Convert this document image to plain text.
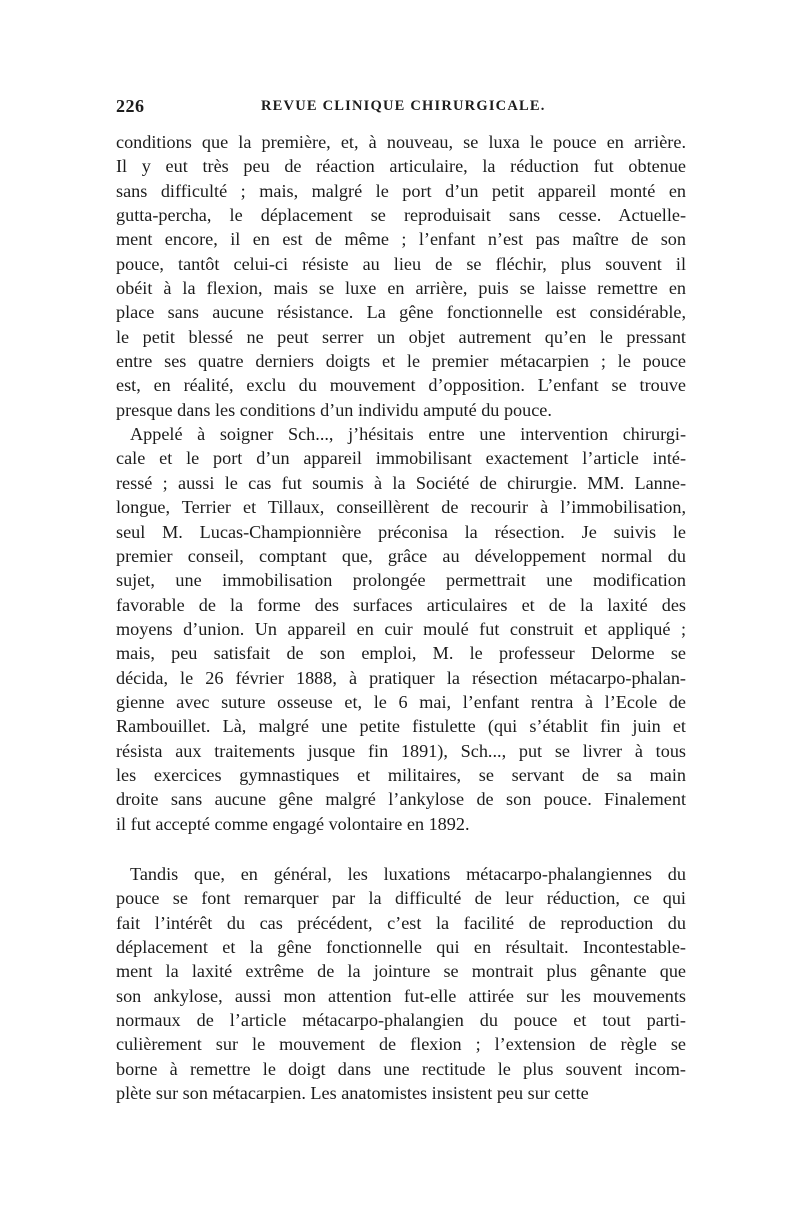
226	REVUE CLINIQUE CHIRURGICALE.
conditions que la première, et, à nouveau, se luxa le pouce en arrière.
Il y eut très peu de réaction articulaire, la réduction fut obtenue
sans difficulté ; mais, malgré le port d’un petit appareil monté en
gutta-percha, le déplacement se reproduisait sans cesse. Actuelle-
ment encore, il en est de même ; l’enfant n’est pas maître de son
pouce, tantôt celui-ci résiste au lieu de se fléchir, plus souvent il
obéit à la flexion, mais se luxe en arrière, puis se laisse remettre en
place sans aucune résistance. La gêne fonctionnelle est considérable,
le petit blessé ne peut serrer un objet autrement qu’en le pressant
entre ses quatre derniers doigts et le premier métacarpien ; le pouce
est, en réalité, exclu du mouvement d’opposition. L’enfant se trouve
presque dans les conditions d’un individu amputé du pouce.
Appelé à soigner Sch..., j’hésitais entre une intervention chirurgi-
cale et le port d’un appareil immobilisant exactement l’article inté-
ressé ; aussi le cas fut soumis à la Société de chirurgie. MM. Lanne-
longue, Terrier et Tillaux, conseillèrent de recourir à l’immobilisation,
seul M. Lucas-Championnière préconisa la résection. Je suivis le
premier conseil, comptant que, grâce au développement normal du
sujet, une immobilisation prolongée permettrait une modification
favorable de la forme des surfaces articulaires et de la laxité des
moyens d’union. Un appareil en cuir moulé fut construit et appliqué ;
mais, peu satisfait de son emploi, M. le professeur Delorme se
décida, le 26 février 1888, à pratiquer la résection métacarpo-phalan-
gienne avec suture osseuse et, le 6 mai, l’enfant rentra à l’Ecole de
Rambouillet. Là, malgré une petite fistulette (qui s’établit fin juin et
résista aux traitements jusque fin 1891), Sch..., put se livrer à tous
les exercices gymnastiques et militaires, se servant de sa main
droite sans aucune gêne malgré l’ankylose de son pouce. Finalement
il fut accepté comme engagé volontaire en 1892.
Tandis que, en général, les luxations métacarpo-phalangiennes du
pouce se font remarquer par la difficulté de leur réduction, ce qui
fait l’intérêt du cas précédent, c’est la facilité de reproduction du
déplacement et la gêne fonctionnelle qui en résultait. Incontestable-
ment la laxité extrême de la jointure se montrait plus gênante que
son ankylose, aussi mon attention fut-elle attirée sur les mouvements
normaux de l’article métacarpo-phalangien du pouce et tout parti-
culièrement sur le mouvement de flexion ; l’extension de règle se
borne à remettre le doigt dans une rectitude le plus souvent incom-
plète sur son métacarpien. Les anatomistes insistent peu sur cette
